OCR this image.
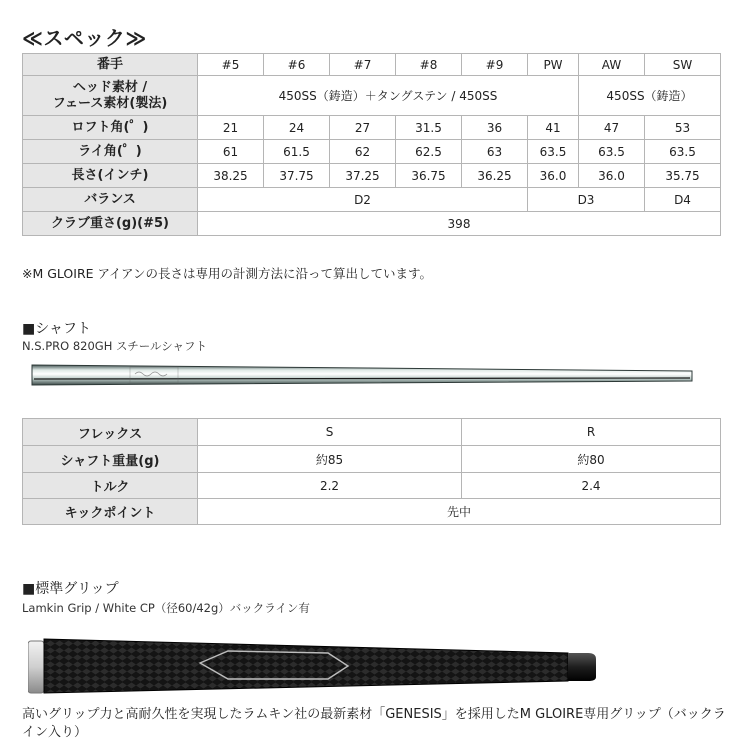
≪スペック≫
番手	#5	#6	#7	#8	#9	PW	AW	SW
ヘッド素材 /
フェース素材(製法)	450SS（鋳造）＋タングステン / 450SS						450SS（鋳造）	
ロフト角(゜)	21	24	27	31.5	36	41	47	53
ライ角(゜)	61	61.5	62	62.5	63	63.5	63.5	63.5
長さ(インチ)	38.25	37.75	37.25	36.75	36.25	36.0	36.0	35.75
バランス	D2					D3		D4
クラブ重さ(g)(#5)	398							
※M GLOIRE アイアンの長さは専用の計測方法に沿って算出しています。
■シャフト
N.S.PRO 820GH スチールシャフト
フレックス	S	R
シャフト重量(g)	約85	約80
トルク	2.2	2.4
キックポイント	先中	
■標準グリップ
Lamkin Grip / White CP（径60/42g）バックライン有
高いグリップ力と高耐久性を実現したラムキン社の最新素材「GENESIS」を採用したM GLOIRE専用グリップ（バックライン入り）
